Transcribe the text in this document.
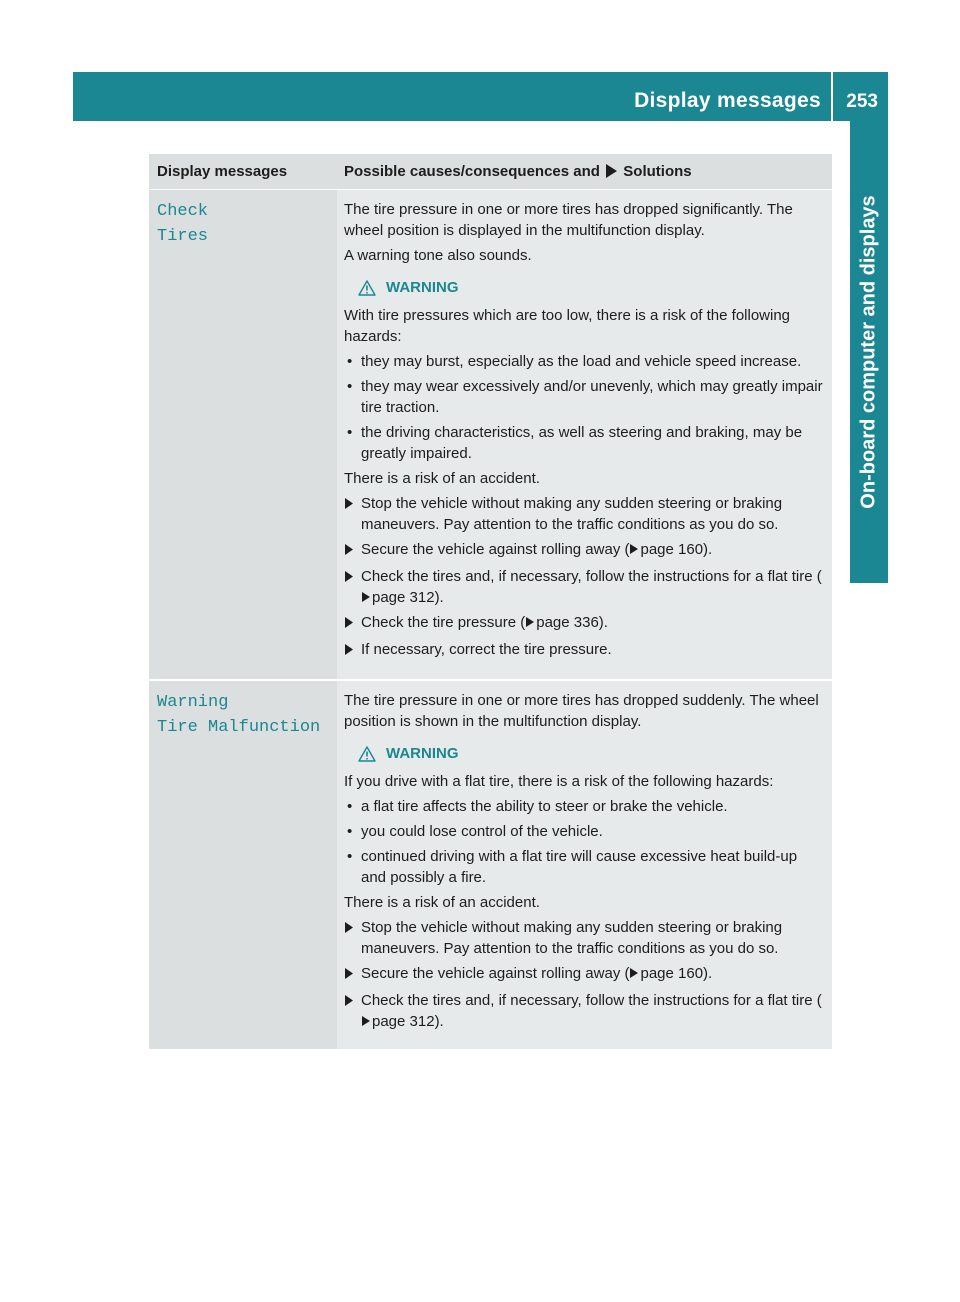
Display messages 253
On-board computer and displays
Display messages	Possible causes/consequences and Solutions
Check
Tires

The tire pressure in one or more tires has dropped significantly. The wheel position is displayed in the multifunction display.

A warning tone also sounds.

WARNING

With tire pressures which are too low, there is a risk of the following hazards:

• they may burst, especially as the load and vehicle speed increase.
• they may wear excessively and/or unevenly, which may greatly impair tire traction.
• the driving characteristics, as well as steering and braking, may be greatly impaired.

There is a risk of an accident.

Stop the vehicle without making any sudden steering or braking maneuvers. Pay attention to the traffic conditions as you do so.
Secure the vehicle against rolling away ( page 160).
Check the tires and, if necessary, follow the instructions for a flat tire (page 312).
Check the tire pressure ( page 336).
If necessary, correct the tire pressure.
Warning
Tire Malfunction

The tire pressure in one or more tires has dropped suddenly. The wheel position is shown in the multifunction display.

WARNING

If you drive with a flat tire, there is a risk of the following hazards:

• a flat tire affects the ability to steer or brake the vehicle.
• you could lose control of the vehicle.
• continued driving with a flat tire will cause excessive heat build-up and possibly a fire.

There is a risk of an accident.

Stop the vehicle without making any sudden steering or braking maneuvers. Pay attention to the traffic conditions as you do so.
Secure the vehicle against rolling away ( page 160).
Check the tires and, if necessary, follow the instructions for a flat tire (page 312).
